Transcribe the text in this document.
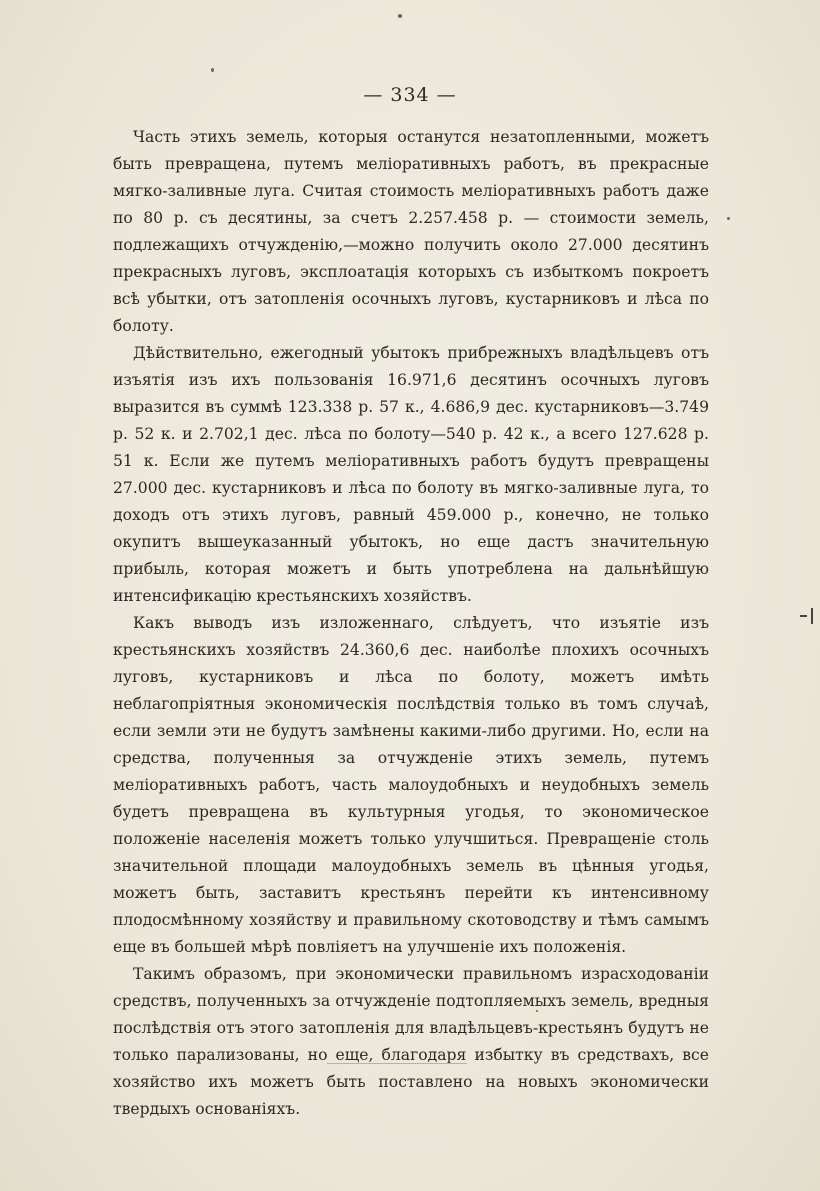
— 334 —

Часть этихъ земель, которыя останутся незатопленными, можетъ быть превращена, путемъ меліоративныхъ работъ, въ прекрасные мягко-заливные луга. Считая стоимость меліоративныхъ работъ даже по 80 р. съ десятины, за счетъ 2.257.458 р. — стоимости земель, подлежащихъ отчужденію,—можно получить около 27.000 десятинъ прекрасныхъ луговъ, эксплоатація которыхъ съ избыткомъ покроетъ всѣ убытки, отъ затопленія осочныхъ луговъ, кустарниковъ и лѣса по болоту.

Дѣйствительно, ежегодный убытокъ прибрежныхъ владѣльцевъ отъ изъятія изъ ихъ пользованія 16.971,6 десятинъ осочныхъ луговъ выразится въ суммѣ 123.338 р. 57 к., 4.686,9 дес. кустарниковъ—3.749 р. 52 к. и 2.702,1 дес. лѣса по болоту—540 р. 42 к., а всего 127.628 р. 51 к. Если же путемъ меліоративныхъ работъ будутъ превращены 27.000 дес. кустарниковъ и лѣса по болоту въ мягко-заливные луга, то доходъ отъ этихъ луговъ, равный 459.000 р., конечно, не только окупитъ вышеуказанный убытокъ, но еще дастъ значительную прибыль, которая можетъ и быть употреблена на дальнѣйшую интенсификацію крестьянскихъ хозяйствъ.

Какъ выводъ изъ изложеннаго, слѣдуетъ, что изъятіе изъ крестьянскихъ хозяйствъ 24.360,6 дес. наиболѣе плохихъ осочныхъ луговъ, кустарниковъ и лѣса по болоту, можетъ имѣть неблагопріятныя экономическія послѣдствія только въ томъ случаѣ, если земли эти не будутъ замѣнены какими-либо другими. Но, если на средства, полученныя за отчужденіе этихъ земель, путемъ меліоративныхъ работъ, часть малоудобныхъ и неудобныхъ земель будетъ превращена въ культурныя угодья, то экономическое положеніе населенія можетъ только улучшиться. Превращеніе столь значительной площади малоудобныхъ земель въ цѣнныя угодья, можетъ быть, заставитъ крестьянъ перейти къ интенсивному плодосмѣнному хозяйству и правильному скотоводству и тѣмъ самымъ еще въ большей мѣрѣ повліяетъ на улучшеніе ихъ положенія.

Такимъ образомъ, при экономически правильномъ израсходованіи средствъ, полученныхъ за отчужденіе подтопляемыхъ земель, вредныя послѣдствія отъ этого затопленія для владѣльцевъ-крестьянъ будутъ не только парализованы, но еще, благодаря избытку въ средствахъ, все хозяйство ихъ можетъ быть поставлено на новыхъ экономически твердыхъ основаніяхъ.
